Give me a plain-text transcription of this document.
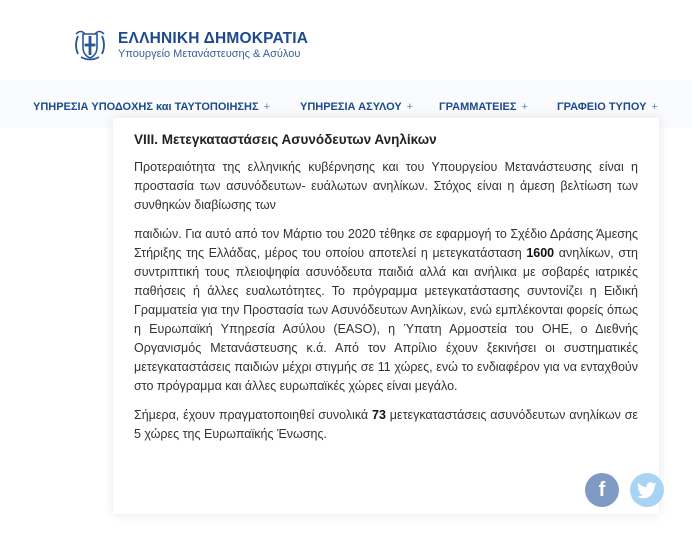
ΕΛΛΗΝΙΚΗ ΔΗΜΟΚΡΑΤΙΑ
Υπουργείο Μετανάστευσης & Ασύλου
ΥΠΗΡΕΣΙΑ ΥΠΟΔΟΧΗΣ και ΤΑΥΤΟΠΟΙΗΣΗΣ +	ΥΠΗΡΕΣΙΑ ΑΣΥΛΟΥ + ΓΡΑΜΜΑΤΕΙΕΣ +	ΓΡΑΦΕΙΟ ΤΥΠΟΥ +
VIII. Μετεγκαταστάσεις Ασυνόδευτων Ανηλίκων

Προτεραιότητα της ελληνικής κυβέρνησης και του Υπουργείου Μετανάστευσης είναι η προστασία των ασυνόδευτων- ευάλωτων ανηλίκων. Στόχος είναι η άμεση βελτίωση των συνθηκών διαβίωσης των

παιδιών. Για αυτό από τον Μάρτιο του 2020 τέθηκε σε εφαρμογή το Σχέδιο Δράσης Άμεσης Στήριξης της Ελλάδας, μέρος του οποίου αποτελεί η μετεγκατάσταση 1600 ανηλίκων, στη συντριπτική τους πλειοψηφία ασυνόδευτα παιδιά αλλά και ανήλικα με σοβαρές ιατρικές παθήσεις ή άλλες ευαλωτότητες. Το πρόγραμμα μετεγκατάστασης συντονίζει η Ειδική Γραμματεία για την Προστασία των Ασυνόδευτων Ανηλίκων, ενώ εμπλέκονται φορείς όπως η Ευρωπαϊκή Υπηρεσία Ασύλου (EASO), η Ύπατη Αρμοστεία του ΟΗΕ, ο Διεθνής Οργανισμός Μετανάστευσης κ.ά. Από τον Απρίλιο έχουν ξεκινήσει οι συστηματικές μετεγκαταστάσεις παιδιών μέχρι στιγμής σε 11 χώρες, ενώ το ενδιαφέρον για να ενταχθούν στο πρόγραμμα και άλλες ευρωπαϊκές χώρες είναι μεγάλο.

Σήμερα, έχουν πραγματοποιηθεί συνολικά 73 μετεγκαταστάσεις ασυνόδευτων ανηλίκων σε 5 χώρες της Ευρωπαϊκής Ένωσης.

f
